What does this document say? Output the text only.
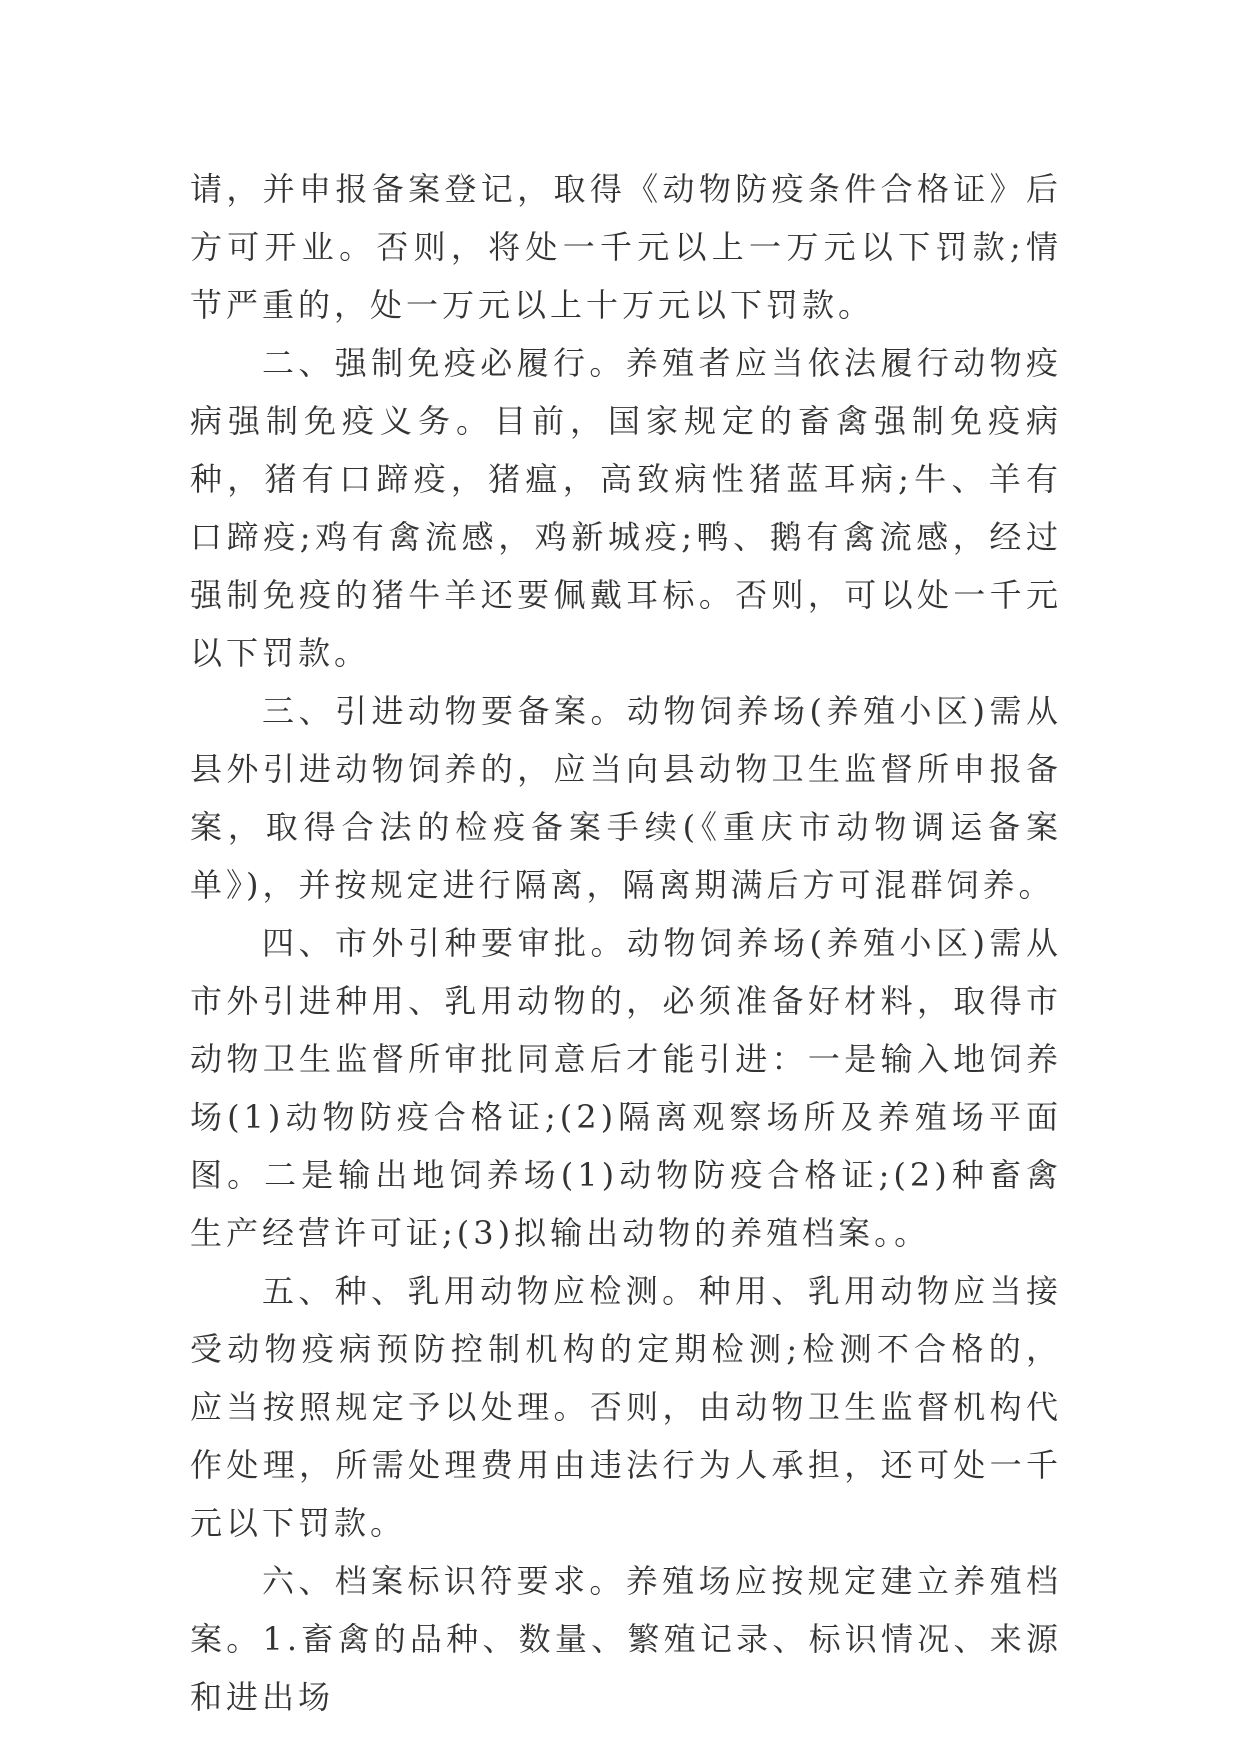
请，并申报备案登记，取得《动物防疫条件合格证》后方可开业。否则，将处一千元以上一万元以下罚款;情节严重的，处一万元以上十万元以下罚款。

二、强制免疫必履行。养殖者应当依法履行动物疫病强制免疫义务。目前，国家规定的畜禽强制免疫病种，猪有口蹄疫，猪瘟，高致病性猪蓝耳病;牛、羊有口蹄疫;鸡有禽流感，鸡新城疫;鸭、鹅有禽流感，经过强制免疫的猪牛羊还要佩戴耳标。否则，可以处一千元以下罚款。

三、引进动物要备案。动物饲养场(养殖小区)需从县外引进动物饲养的，应当向县动物卫生监督所申报备案，取得合法的检疫备案手续(《重庆市动物调运备案单》)，并按规定进行隔离，隔离期满后方可混群饲养。

四、市外引种要审批。动物饲养场(养殖小区)需从市外引进种用、乳用动物的，必须准备好材料，取得市动物卫生监督所审批同意后才能引进：一是输入地饲养场(1)动物防疫合格证;(2)隔离观察场所及养殖场平面图。二是输出地饲养场(1)动物防疫合格证;(2)种畜禽生产经营许可证;(3)拟输出动物的养殖档案。。

五、种、乳用动物应检测。种用、乳用动物应当接受动物疫病预防控制机构的定期检测;检测不合格的，应当按照规定予以处理。否则，由动物卫生监督机构代作处理，所需处理费用由违法行为人承担，还可处一千元以下罚款。

六、档案标识符要求。养殖场应按规定建立养殖档案。1.畜禽的品种、数量、繁殖记录、标识情况、来源和进出场
